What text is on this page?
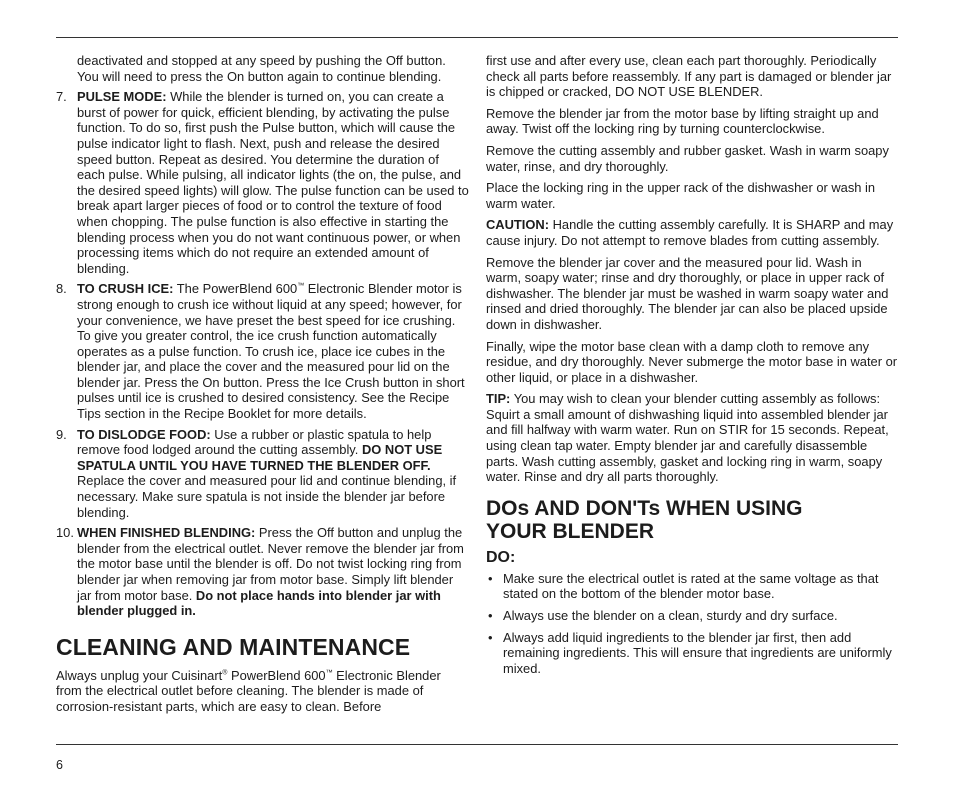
deactivated and stopped at any speed by pushing the Off button. You will need to press the On button again to continue blending.

7. PULSE MODE: While the blender is turned on, you can create a burst of power for quick, efficient blending, by activating the pulse function. To do so, first push the Pulse button, which will cause the pulse indicator light to flash. Next, push and release the desired speed button. Repeat as desired. You determine the duration of each pulse. While pulsing, all indicator lights (the on, the pulse, and the desired speed lights) will glow. The pulse function can be used to break apart larger pieces of food or to control the texture of food when chopping. The pulse function is also effective in starting the blending process when you do not want continuous power, or when processing items which do not require an extended amount of blending.
8. TO CRUSH ICE: The PowerBlend 600™ Electronic Blender motor is strong enough to crush ice without liquid at any speed; however, for your convenience, we have preset the best speed for ice crushing. To give you greater control, the ice crush function automatically operates as a pulse function. To crush ice, place ice cubes in the blender jar, and place the cover and the measured pour lid on the blender jar. Press the On button. Press the Ice Crush button in short pulses until ice is crushed to desired consistency. See the Recipe Tips section in the Recipe Booklet for more details.
9. TO DISLODGE FOOD: Use a rubber or plastic spatula to help remove food lodged around the cutting assembly. DO NOT USE SPATULA UNTIL YOU HAVE TURNED THE BLENDER OFF. Replace the cover and measured pour lid and continue blending, if necessary. Make sure spatula is not inside the blender jar before blending.
10. WHEN FINISHED BLENDING: Press the Off button and unplug the blender from the electrical outlet. Never remove the blender jar from the motor base until the blender is off. Do not twist locking ring from blender jar when removing jar from motor base. Simply lift blender jar from motor base. Do not place hands into blender jar with blender plugged in.
CLEANING AND MAINTENANCE

Always unplug your Cuisinart® PowerBlend 600™ Electronic Blender from the electrical outlet before cleaning. The blender is made of corrosion-resistant parts, which are easy to clean. Before

first use and after every use, clean each part thoroughly. Periodically check all parts before reassembly. If any part is damaged or blender jar is chipped or cracked, DO NOT USE BLENDER.

Remove the blender jar from the motor base by lifting straight up and away. Twist off the locking ring by turning counterclockwise.

Remove the cutting assembly and rubber gasket. Wash in warm soapy water, rinse, and dry thoroughly.

Place the locking ring in the upper rack of the dishwasher or wash in warm water.

CAUTION: Handle the cutting assembly carefully. It is SHARP and may cause injury. Do not attempt to remove blades from cutting assembly.

Remove the blender jar cover and the measured pour lid. Wash in warm, soapy water; rinse and dry thoroughly, or place in upper rack of dishwasher. The blender jar must be washed in warm soapy water and rinsed and dried thoroughly. The blender jar can also be placed upside down in dishwasher.

Finally, wipe the motor base clean with a damp cloth to remove any residue, and dry thoroughly. Never submerge the motor base in water or other liquid, or place in a dishwasher.

TIP: You may wish to clean your blender cutting assembly as follows: Squirt a small amount of dishwashing liquid into assembled blender jar and fill halfway with warm water. Run on STIR for 15 seconds. Repeat, using clean tap water. Empty blender jar and carefully disassemble parts. Wash cutting assembly, gasket and locking ring in warm, soapy water. Rinse and dry all parts thoroughly.

DOs AND DON'Ts WHEN USING
YOUR BLENDER
DO:
• Make sure the electrical outlet is rated at the same voltage as that stated on the bottom of the blender motor base.
• Always use the blender on a clean, sturdy and dry surface.
• Always add liquid ingredients to the blender jar first, then add remaining ingredients. This will ensure that ingredients are uniformly mixed.
6
